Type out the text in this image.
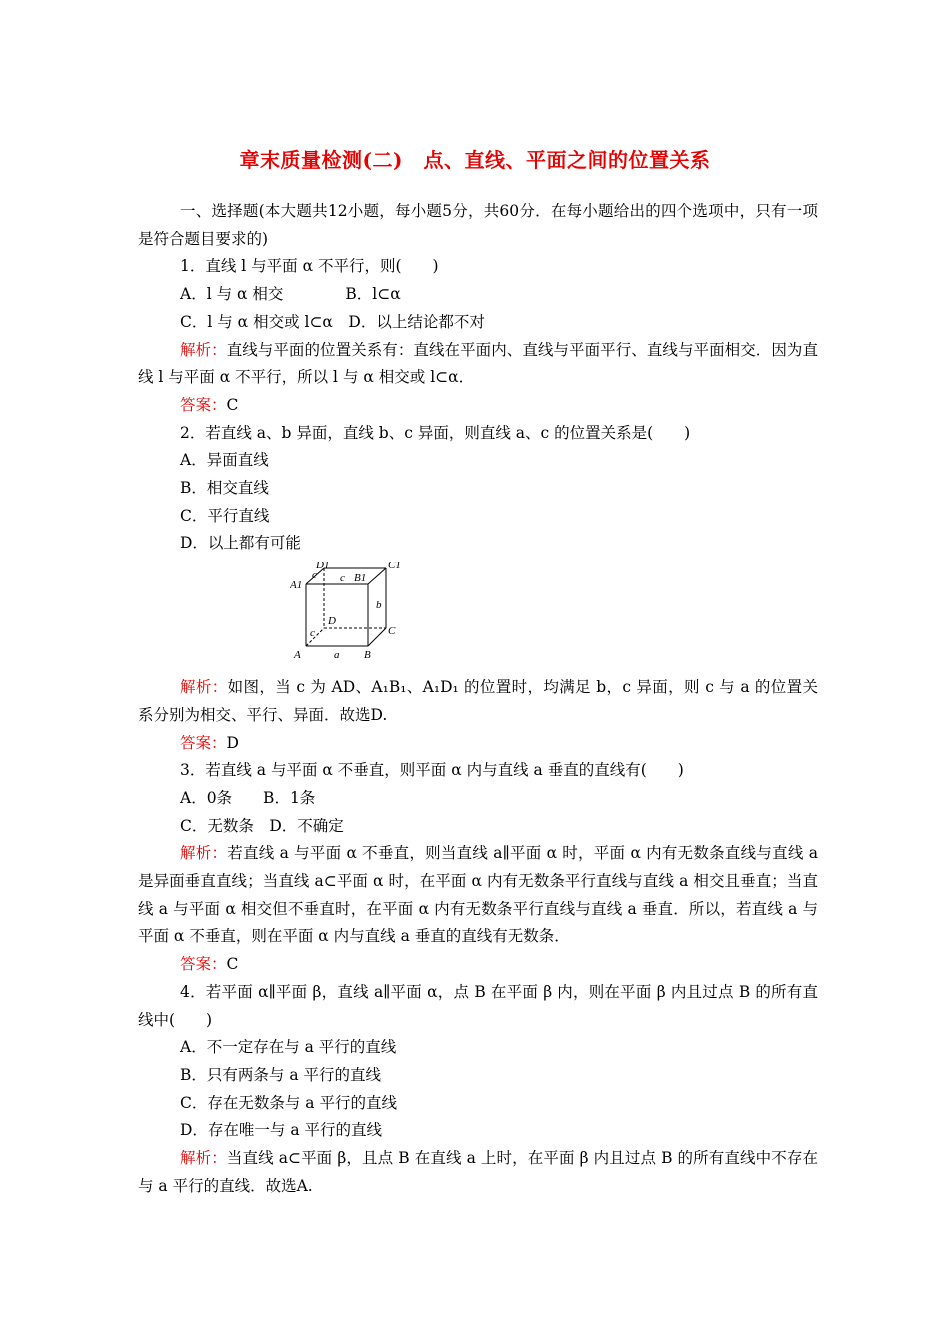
章末质量检测(二)　点、直线、平面之间的位置关系

一、选择题(本大题共12小题，每小题5分，共60分．在每小题给出的四个选项中，只有一项是符合题目要求的)

1．直线 l 与平面 α 不平行，则(　　)

A．l 与 α 相交　　　　B．l⊂α

C．l 与 α 相交或 l⊂α　D．以上结论都不对

解析：直线与平面的位置关系有：直线在平面内、直线与平面平行、直线与平面相交．因为直线 l 与平面 α 不平行，所以 l 与 α 相交或 l⊂α．

答案：C

2．若直线 a、b 异面，直线 b、c 异面，则直线 a、c 的位置关系是(　　)

A．异面直线

B．相交直线

C．平行直线

D．以上都有可能

D1	C1
A1
B1
D
C
A	B
c c
b
c
a

解析：如图，当 c 为 AD、A₁B₁、A₁D₁ 的位置时，均满足 b，c 异面，则 c 与 a 的位置关系分别为相交、平行、异面．故选D.

答案：D

3．若直线 a 与平面 α 不垂直，则平面 α 内与直线 a 垂直的直线有(　　)

A．0条　　B．1条

C．无数条　D．不确定

解析：若直线 a 与平面 α 不垂直，则当直线 a∥平面 α 时，平面 α 内有无数条直线与直线 a 是异面垂直直线；当直线 a⊂平面 α 时，在平面 α 内有无数条平行直线与直线 a 相交且垂直；当直线 a 与平面 α 相交但不垂直时，在平面 α 内有无数条平行直线与直线 a 垂直．所以，若直线 a 与平面 α 不垂直，则在平面 α 内与直线 a 垂直的直线有无数条．

答案：C

4．若平面 α∥平面 β，直线 a∥平面 α，点 B 在平面 β 内，则在平面 β 内且过点 B 的所有直线中(　　)

A．不一定存在与 a 平行的直线

B．只有两条与 a 平行的直线

C．存在无数条与 a 平行的直线

D．存在唯一与 a 平行的直线

解析：当直线 a⊂平面 β，且点 B 在直线 a 上时，在平面 β 内且过点 B 的所有直线中不存在与 a 平行的直线．故选A.
